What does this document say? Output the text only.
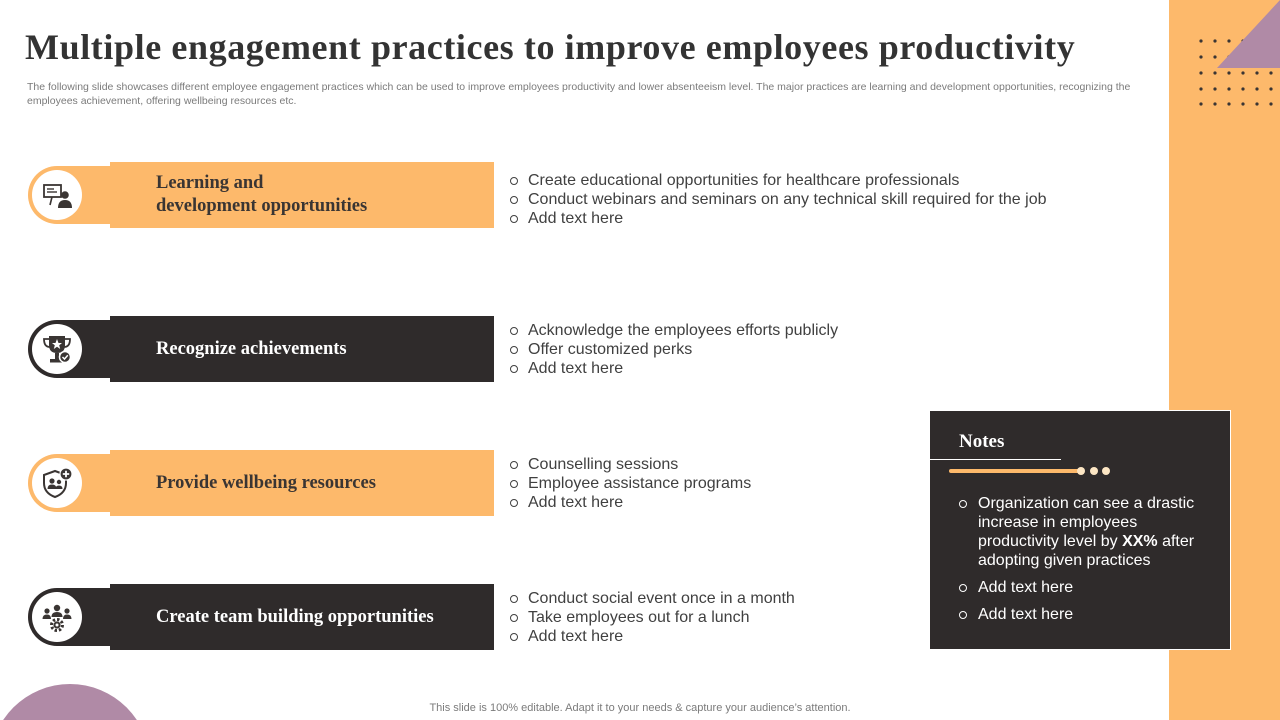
Multiple engagement practices to improve employees productivity

The following slide showcases different employee engagement practices which can be used to improve employees productivity and lower absenteeism level. The major practices are learning and development opportunities, recognizing the employees achievement, offering wellbeing resources etc.

Learning and
development opportunities
Create educational opportunities for healthcare professionals
Conduct webinars and seminars on any technical skill required for the job
Add text here
Recognize achievements
Acknowledge the employees efforts publicly
Offer customized perks
Add text here
Provide wellbeing resources
Counselling sessions
Employee assistance programs
Add text here
Create team building opportunities
Conduct social event once in a month
Take employees out for a lunch
Add text here
Notes
Organization can see a drastic increase in employees productivity level by XX% after adopting given practices
Add text here
Add text here
This slide is 100% editable. Adapt it to your needs & capture your audience’s attention.
